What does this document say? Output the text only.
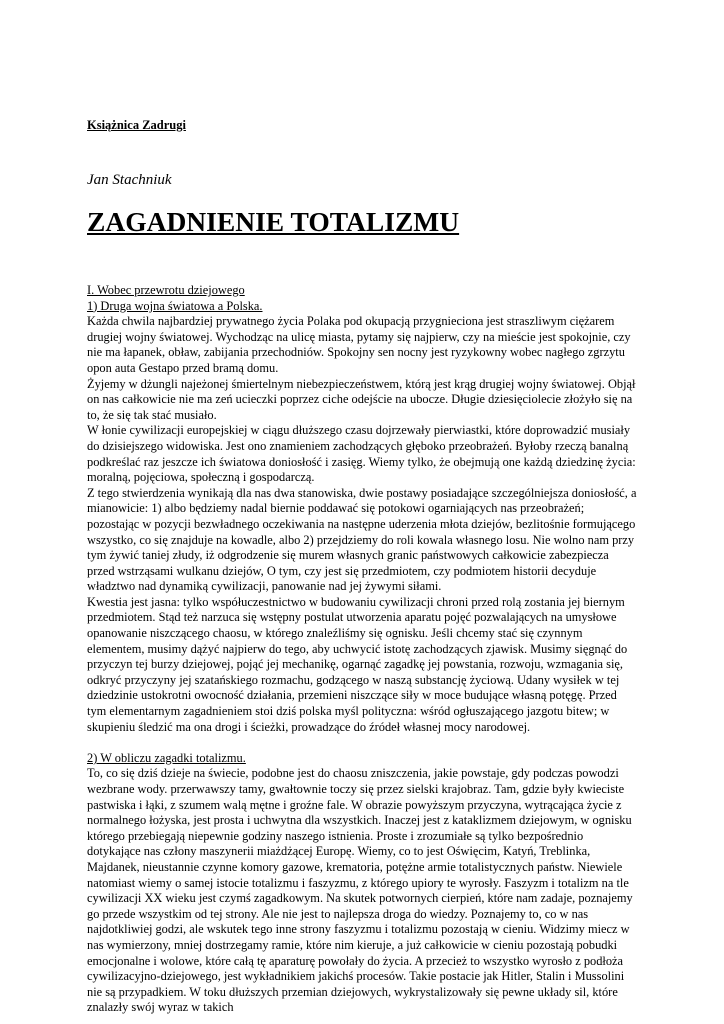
Książnica Zadrugi

Jan Stachniuk

ZAGADNIENIE TOTALIZMU

I. Wobec przewrotu dziejowego

1) Druga wojna światowa a Polska.

Każda chwila najbardziej prywatnego życia Polaka pod okupacją przygnieciona jest straszliwym ciężarem drugiej wojny światowej. Wychodząc na ulicę miasta, pytamy się najpierw, czy na mieście jest spokojnie, czy nie ma łapanek, obław, zabijania przechodniów. Spokojny sen nocny jest ryzykowny wobec nagłego zgrzytu opon auta Gestapo przed bramą domu.

Żyjemy w dżungli najeżonej śmiertelnym niebezpieczeństwem, którą jest krąg drugiej wojny światowej. Objął on nas całkowicie nie ma zeń ucieczki poprzez ciche odejście na ubocze. Długie dziesięciolecie złożyło się na to, że się tak stać musiało.

W łonie cywilizacji europejskiej w ciągu dłuższego czasu dojrzewały pierwiastki, które doprowadzić musiały do dzisiejszego widowiska. Jest ono znamieniem zachodzących głęboko przeobrażeń. Byłoby rzeczą banalną podkreślać raz jeszcze ich światowa doniosłość i zasięg. Wiemy tylko, że obejmują one każdą dziedzinę życia: moralną, pojęciowa, społeczną i gospodarczą.

Z tego stwierdzenia wynikają dla nas dwa stanowiska, dwie postawy posiadające szczególniejsza doniosłość, a mianowicie: 1) albo będziemy nadal biernie poddawać się potokowi ogarniających nas przeobrażeń; pozostając w pozycji bezwładnego oczekiwania na następne uderzenia młota dziejów, bezlitośnie formującego wszystko, co się znajduje na kowadle, albo 2) przejdziemy do roli kowala własnego losu. Nie wolno nam przy tym żywić taniej złudy, iż odgrodzenie się murem własnych granic państwowych całkowicie zabezpiecza przed wstrząsami wulkanu dziejów, O tym, czy jest się przedmiotem, czy podmiotem historii decyduje władztwo nad dynamiką cywilizacji, panowanie nad jej żywymi siłami.

Kwestia jest jasna: tylko współuczestnictwo w budowaniu cywilizacji chroni przed rolą zostania jej biernym przedmiotem. Stąd też narzuca się wstępny postulat utworzenia aparatu pojęć pozwalających na umysłowe opanowanie niszczącego chaosu, w którego znaleźliśmy się ognisku. Jeśli chcemy stać się czynnym elementem, musimy dążyć najpierw do tego, aby uchwycić istotę zachodzących zjawisk. Musimy sięgnąć do przyczyn tej burzy dziejowej, pojąć jej mechanikę, ogarnąć zagadkę jej powstania, rozwoju, wzmagania się, odkryć przyczyny jej szatańskiego rozmachu, godzącego w naszą substancję życiową. Udany wysiłek w tej dziedzinie ustokrotni owocność działania, przemieni niszczące siły w moce budujące własną potęgę. Przed tym elementarnym zagadnieniem stoi dziś polska myśl polityczna: wśród ogłuszającego jazgotu bitew; w skupieniu śledzić ma ona drogi i ścieżki, prowadzące do źródeł własnej mocy narodowej.

2) W obliczu zagadki totalizmu.

To, co się dziś dzieje na świecie, podobne jest do chaosu zniszczenia, jakie powstaje, gdy podczas powodzi wezbrane wody. przerwawszy tamy, gwałtownie toczy się przez sielski krajobraz. Tam, gdzie były kwieciste pastwiska i łąki, z szumem walą mętne i groźne fale. W obrazie powyższym przyczyna, wytrącająca życie z normalnego łożyska, jest prosta i uchwytna dla wszystkich. Inaczej jest z kataklizmem dziejowym, w ognisku którego przebiegają niepewnie godziny naszego istnienia. Proste i zrozumiałe są tylko bezpośrednio dotykające nas człony maszynerii miażdżącej Europę. Wiemy, co to jest Oświęcim, Katyń, Treblinka, Majdanek, nieustannie czynne komory gazowe, krematoria, potężne armie totalistycznych państw. Niewiele natomiast wiemy o samej istocie totalizmu i faszyzmu, z którego upiory te wyrosły. Faszyzm i totalizm na tle cywilizacji XX wieku jest czymś zagadkowym. Na skutek potwornych cierpień, które nam zadaje, poznajemy go przede wszystkim od tej strony. Ale nie jest to najlepsza droga do wiedzy. Poznajemy to, co w nas najdotkliwiej godzi, ale wskutek tego inne strony faszyzmu i totalizmu pozostają w cieniu. Widzimy miecz w nas wymierzony, mniej dostrzegamy ramie, które nim kieruje, a już całkowicie w cieniu pozostają pobudki emocjonalne i wolowe, które całą tę aparaturę powołały do życia. A przecież to wszystko wyrosło z podłoża cywilizacyjno-dziejowego, jest wykładnikiem jakichś procesów. Takie postacie jak Hitler, Stalin i Mussolini nie są przypadkiem. W toku dłuższych przemian dziejowych, wykrystalizowały się pewne układy sil, które znalazły swój wyraz w takich
